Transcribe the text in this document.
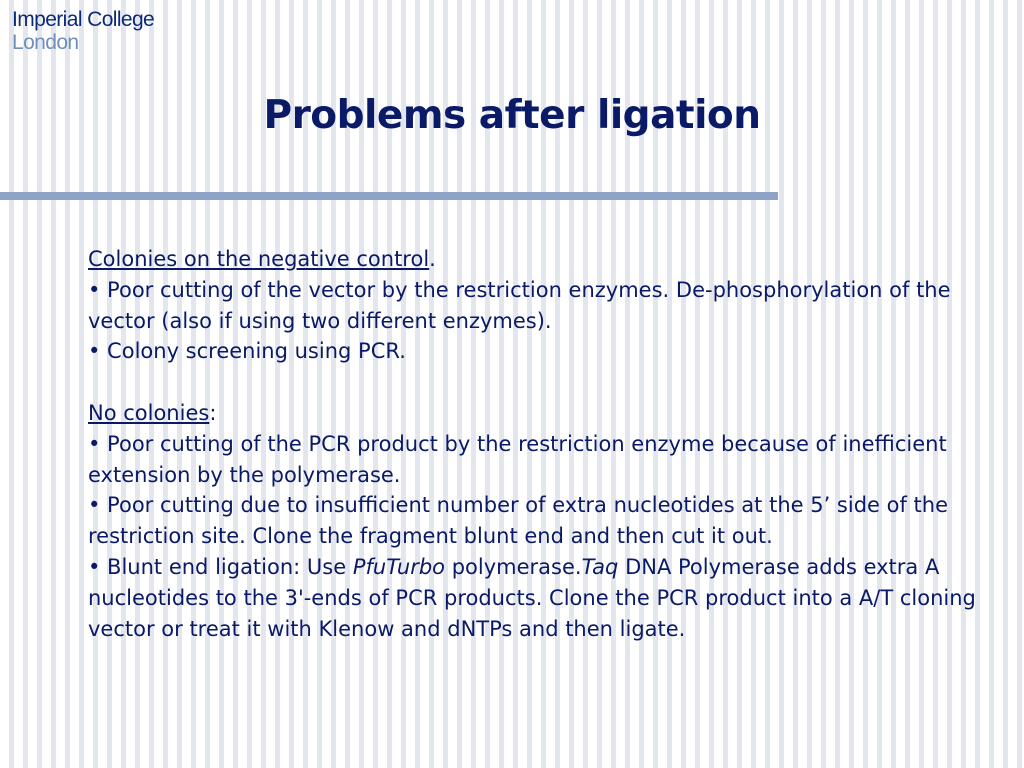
Imperial College
London
Problems after ligation

Colonies on the negative control.

• Poor cutting of the vector by the restriction enzymes. De-phosphorylation of the vector (also if using two different enzymes).

• Colony screening using PCR.

No colonies:

• Poor cutting of the PCR product by the restriction enzyme because of inefficient extension by the polymerase.

• Poor cutting due to insufficient number of extra nucleotides at the 5’ side of the restriction site. Clone the fragment blunt end and then cut it out.

• Blunt end ligation: Use PfuTurbo polymerase.Taq DNA Polymerase adds extra A nucleotides to the 3'-ends of PCR products. Clone the PCR product into a A/T cloning vector or treat it with Klenow and dNTPs and then ligate.
